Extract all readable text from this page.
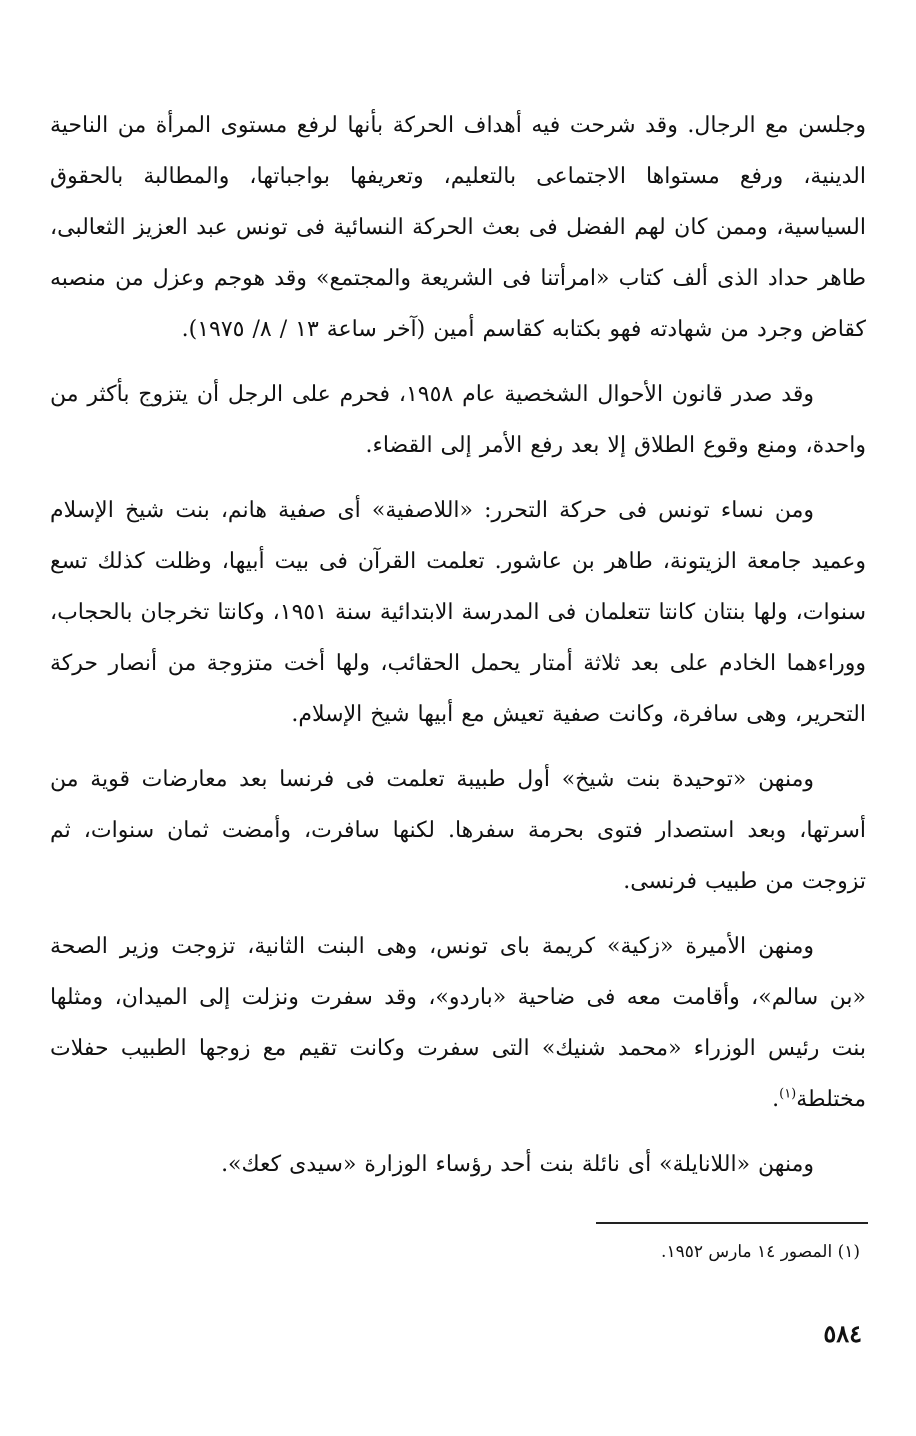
وجلسن مع الرجال. وقد شرحت فيه أهداف الحركة بأنها لرفع مستوى المرأة من الناحية الدينية، ورفع مستواها الاجتماعى بالتعليم، وتعريفها بواجباتها، والمطالبة بالحقوق السياسية، وممن كان لهم الفضل فى بعث الحركة النسائية فى تونس عبد العزيز الثعالبى، طاهر حداد الذى ألف كتاب «امرأتنا فى الشريعة والمجتمع» وقد هوجم وعزل من منصبه كقاض وجرد من شهادته فهو بكتابه كقاسم أمين (آخر ساعة ١٣ / ٨/ ١٩٧٥).

وقد صدر قانون الأحوال الشخصية عام ١٩٥٨، فحرم على الرجل أن يتزوج بأكثر من واحدة، ومنع وقوع الطلاق إلا بعد رفع الأمر إلى القضاء.

ومن نساء تونس فى حركة التحرر: «اللاصفية» أى صفية هانم، بنت شيخ الإسلام وعميد جامعة الزيتونة، طاهر بن عاشور. تعلمت القرآن فى بيت أبيها، وظلت كذلك تسع سنوات، ولها بنتان كانتا تتعلمان فى المدرسة الابتدائية سنة ١٩٥١، وكانتا تخرجان بالحجاب، ووراءهما الخادم على بعد ثلاثة أمتار يحمل الحقائب، ولها أخت متزوجة من أنصار حركة التحرير، وهى سافرة، وكانت صفية تعيش مع أبيها شيخ الإسلام.

ومنهن «توحيدة بنت شيخ» أول طبيبة تعلمت فى فرنسا بعد معارضات قوية من أسرتها، وبعد استصدار فتوى بحرمة سفرها. لكنها سافرت، وأمضت ثمان سنوات، ثم تزوجت من طبيب فرنسى.

ومنهن الأميرة «زكية» كريمة باى تونس، وهى البنت الثانية، تزوجت وزير الصحة «بن سالم»، وأقامت معه فى ضاحية «باردو»، وقد سفرت ونزلت إلى الميدان، ومثلها بنت رئيس الوزراء «محمد شنيك» التى سفرت وكانت تقيم مع زوجها الطبيب حفلات مختلطة$^{(١)}$.

ومنهن «اللانايلة» أى نائلة بنت أحد رؤساء الوزارة «سيدى كعك».

(١) المصور ١٤ مارس ١٩٥٢.
٥٨٤
